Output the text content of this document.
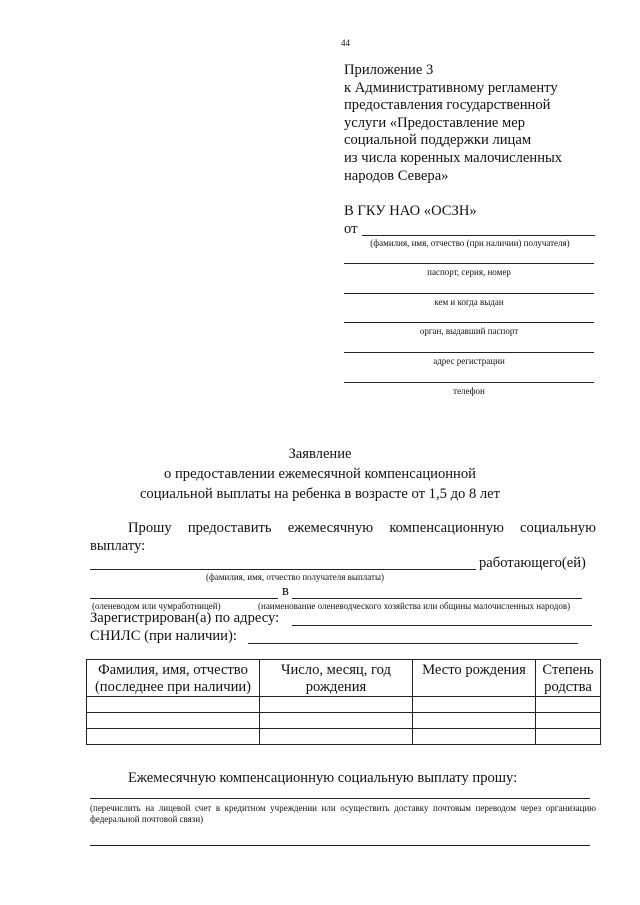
44
Приложение 3
к Административному регламенту
предоставления государственной
услуги «Предоставление мер
социальной поддержки лицам
из числа коренных малочисленных
народов Севера»
В ГКУ НАО «ОСЗН»
от
(фамилия, имя, отчество (при наличии) получателя)
паспорт, серия, номер
кем и когда выдан
орган, выдавший паспорт
адрес регистрации
телефон
Заявление
о предоставлении ежемесячной компенсационной
социальной выплаты на ребенка в возрасте от 1,5 до 8 лет
Прошу предоставить ежемесячную компенсационную социальную выплату:
работающего(ей)
(фамилия, имя, отчество получателя выплаты)
в
(оленеводом или чумработницей)	(наименование оленеводческого хозяйства или общины малочисленных народов)
Зарегистрирован(а) по адресу:
СНИЛС (при наличии):
Фамилия, имя, отчество (последнее при наличии)	Число, месяц, год рождения	Место рождения	Степень родства

Ежемесячную компенсационную социальную выплату прошу:
(перечислить на лицевой счет в кредитном учреждении или осуществить доставку почтовым переводом через организацию федеральной почтовой связи)
